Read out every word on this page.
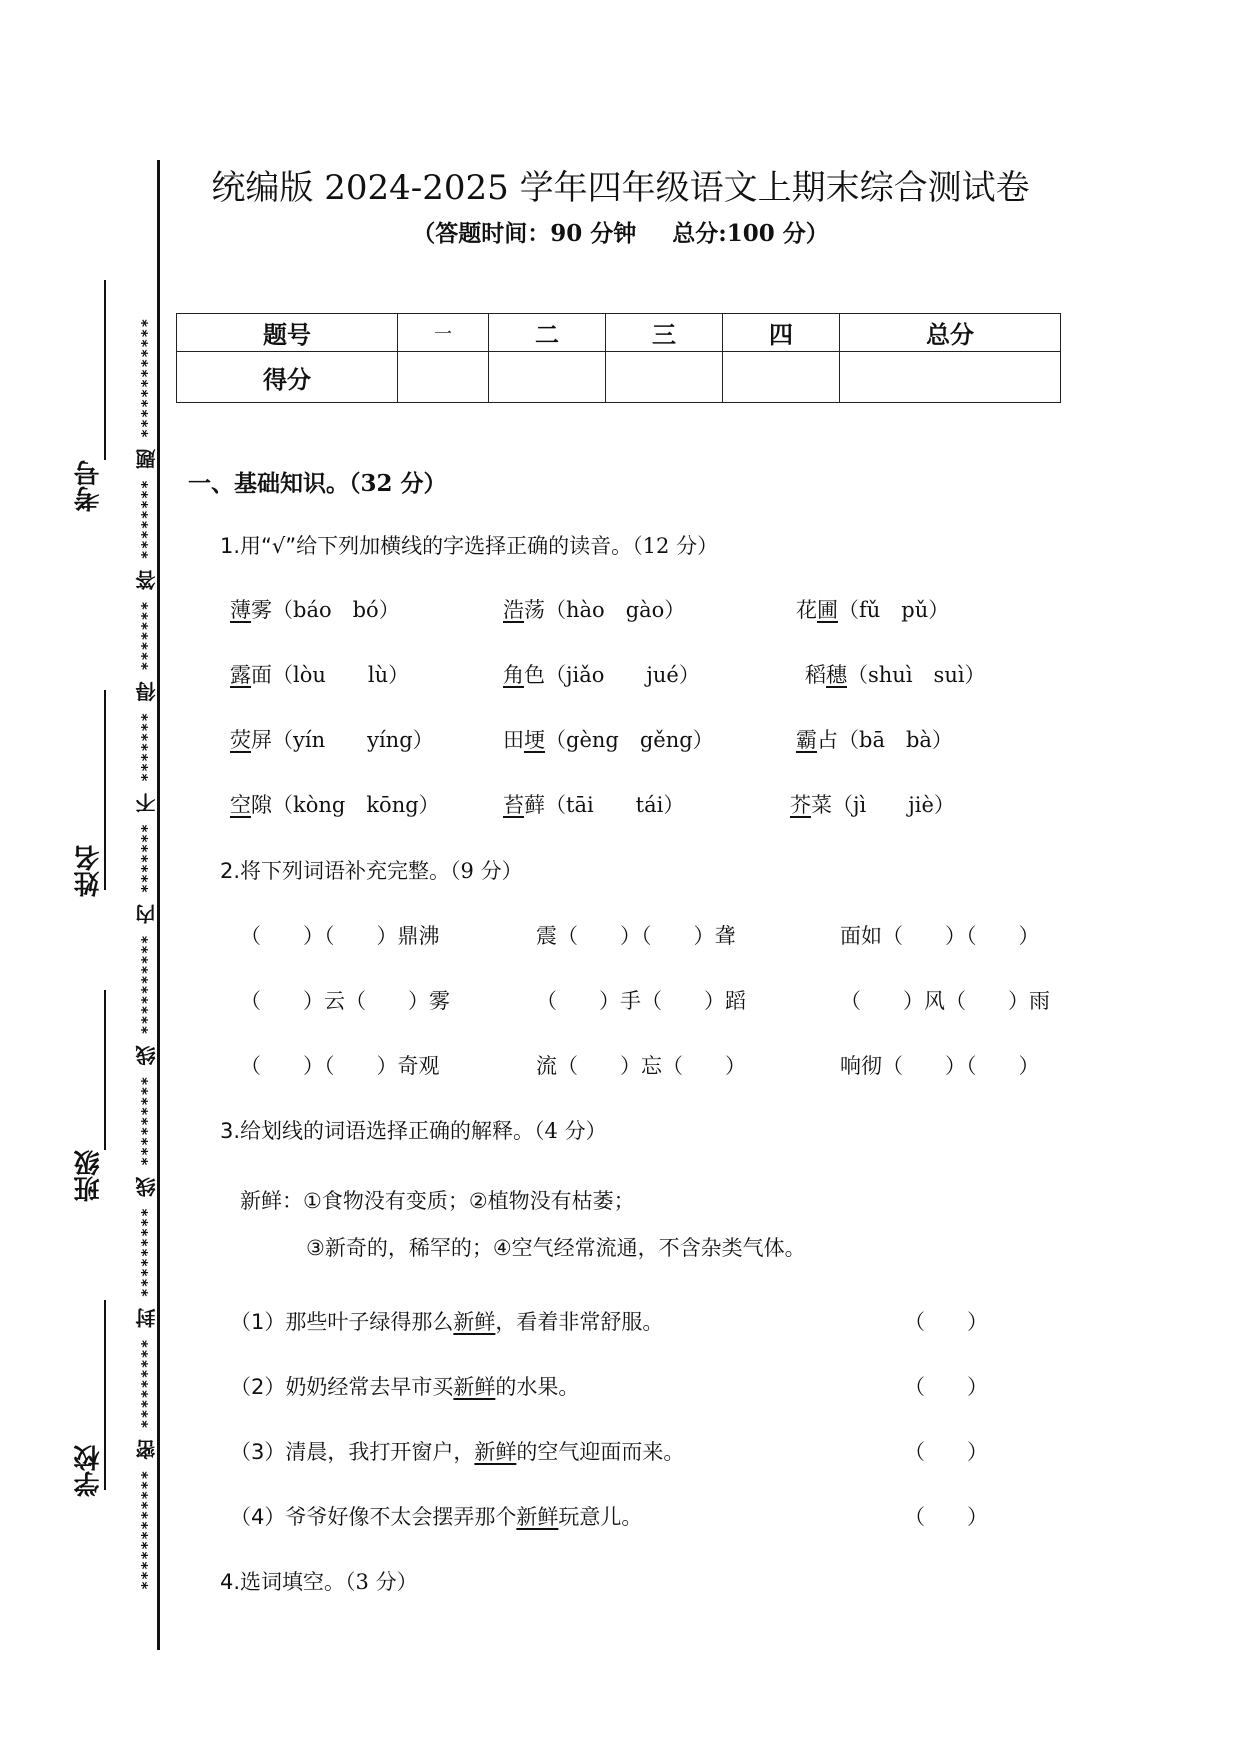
考号
姓名
班级
学校	************ 密 ********* 封 ********* 线 ********* 线 ********** 内 ******* 不 ******* 得 ******* 答 ******** 题 ************
统编版 2024-2025 学年四年级语文上期末综合测试卷
（答题时间：90 分钟 总分:100 分）
题号	一	二	三	四	总分
得分					
一、基础知识。（32 分）
1.用“√”给下列加横线的字选择正确的读音。（12 分）
薄雾（báo　bó）	浩荡（hào　gào）	花圃（fǔ　pǔ）
露面（lòu　　lù）	角色（jiǎo　　jué）	稻穗（shuì　suì）
荧屏（yín　　yíng）	田埂（gèng　gěng）	霸占（bā　bà）
空隙（kòng　kōng）	苔藓（tāi　　tái）	芥菜（jì　　jiè）
2.将下列词语补充完整。（9 分）
（　　）（　　）鼎沸	震（　　）（　　）聋	面如（　　）（　　）
（　　）云（　　）雾	（　　）手（　　）蹈	（　　）风（　　）雨
（　　）（　　）奇观	流（　　）忘（　　）	响彻（　　）（　　）
3.给划线的词语选择正确的解释。（4 分）
新鲜：①食物没有变质；②植物没有枯萎；
③新奇的，稀罕的；④空气经常流通，不含杂类气体。
（1）那些叶子绿得那么新鲜，看着非常舒服。	（　　）
（2）奶奶经常去早市买新鲜的水果。	（　　）
（3）清晨，我打开窗户，新鲜的空气迎面而来。	（　　）
（4）爷爷好像不太会摆弄那个新鲜玩意儿。	（　　）
4.选词填空。（3 分）
